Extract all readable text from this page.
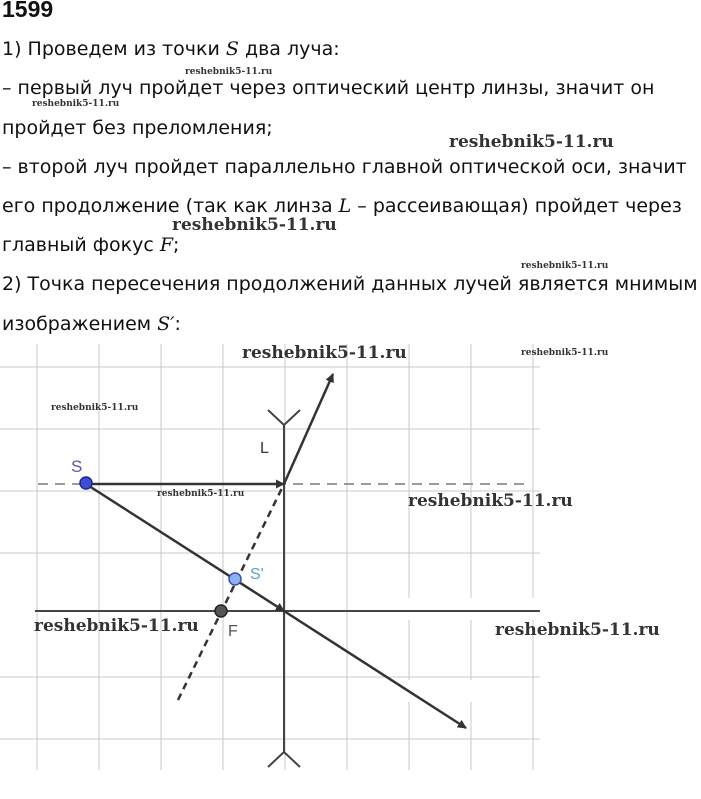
1599
1) Проведем из точки S два луча:
– первый луч пройдет через оптический центр линзы, значит он
пройдет без преломления;
– второй луч пройдет параллельно главной оптической оси, значит
его продолжение (так как линза L – рассеивающая) пройдет через
главный фокус F;
2) Точка пересечения продолжений данных лучей является мнимым
изображением S′:
S
S'
F
L
reshebnik5-11.ru
reshebnik5-11.ru
reshebnik5-11.ru
reshebnik5-11.ru
reshebnik5-11.ru
reshebnik5-11.ru	reshebnik5-11.ru
reshebnik5-11.ru
reshebnik5-11.ru	reshebnik5-11.ru
reshebnik5-11.ru	reshebnik5-11.ru
